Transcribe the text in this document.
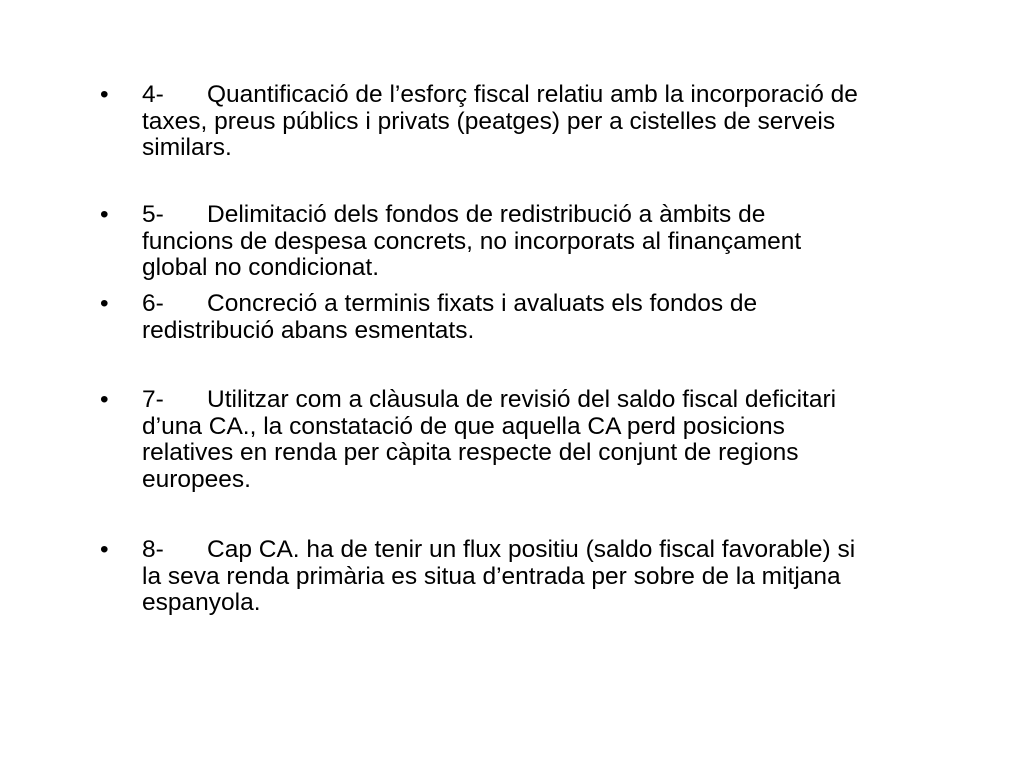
•	4- Quantificació de l’esforç fiscal relatiu amb la incorporació de
taxes, preus públics i privats (peatges) per a cistelles de serveis
similars.
•	5- Delimitació dels fondos de redistribució a àmbits de
funcions de despesa concrets, no incorporats al finançament
global no condicionat.
•	6- Concreció a terminis fixats i avaluats els fondos de
redistribució abans esmentats.
•	7- Utilitzar com a clàusula de revisió del saldo fiscal deficitari
d’una CA., la constatació de que aquella CA perd posicions
relatives en renda per càpita respecte del conjunt de regions
europees.
•	8- Cap CA. ha de tenir un flux positiu (saldo fiscal favorable) si
la seva renda primària es situa d’entrada per sobre de la mitjana
espanyola.
